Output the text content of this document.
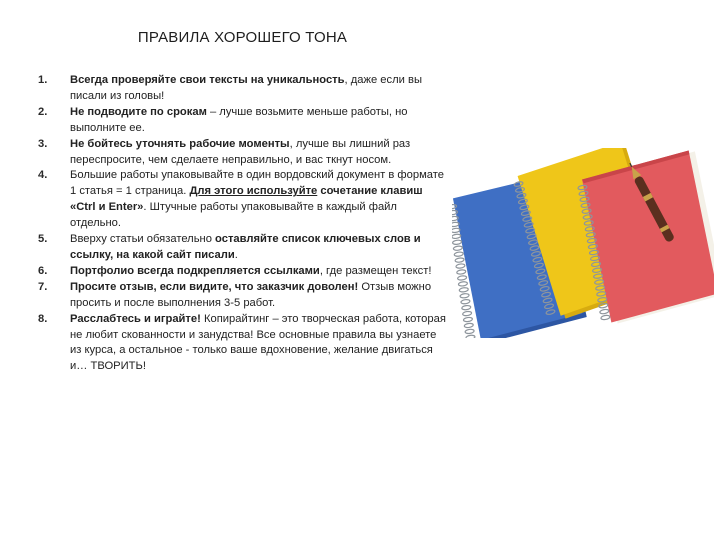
ПРАВИЛА ХОРОШЕГО ТОНА
1.	Всегда проверяйте свои тексты на уникальность, даже если вы писали из головы!
2.	Не подводите по срокам – лучше возьмите меньше работы, но выполните ее.
3.	Не бойтесь уточнять рабочие моменты, лучше вы лишний раз переспросите, чем сделаете неправильно, и вас ткнут носом.
4.	Большие работы упаковывайте в один вордовский документ в формате 1 статья = 1 страница. Для этого используйте сочетание клавиш «Ctrl и Enter». Штучные работы упаковывайте в каждый файл отдельно.
5.	Вверху статьи обязательно оставляйте список ключевых слов и ссылку, на какой сайт писали.
6.	Портфолио всегда подкрепляется ссылками, где размещен текст!
7.	Просите отзыв, если видите, что заказчик доволен! Отзыв можно просить и после выполнения 3-5 работ.
8.	Расслабтесь и играйте! Копирайтинг – это творческая работа, которая не любит скованности и занудства! Все основные правила вы узнаете из курса, а остальное - только ваше вдохновение, желание двигаться и… ТВОРИТЬ!
